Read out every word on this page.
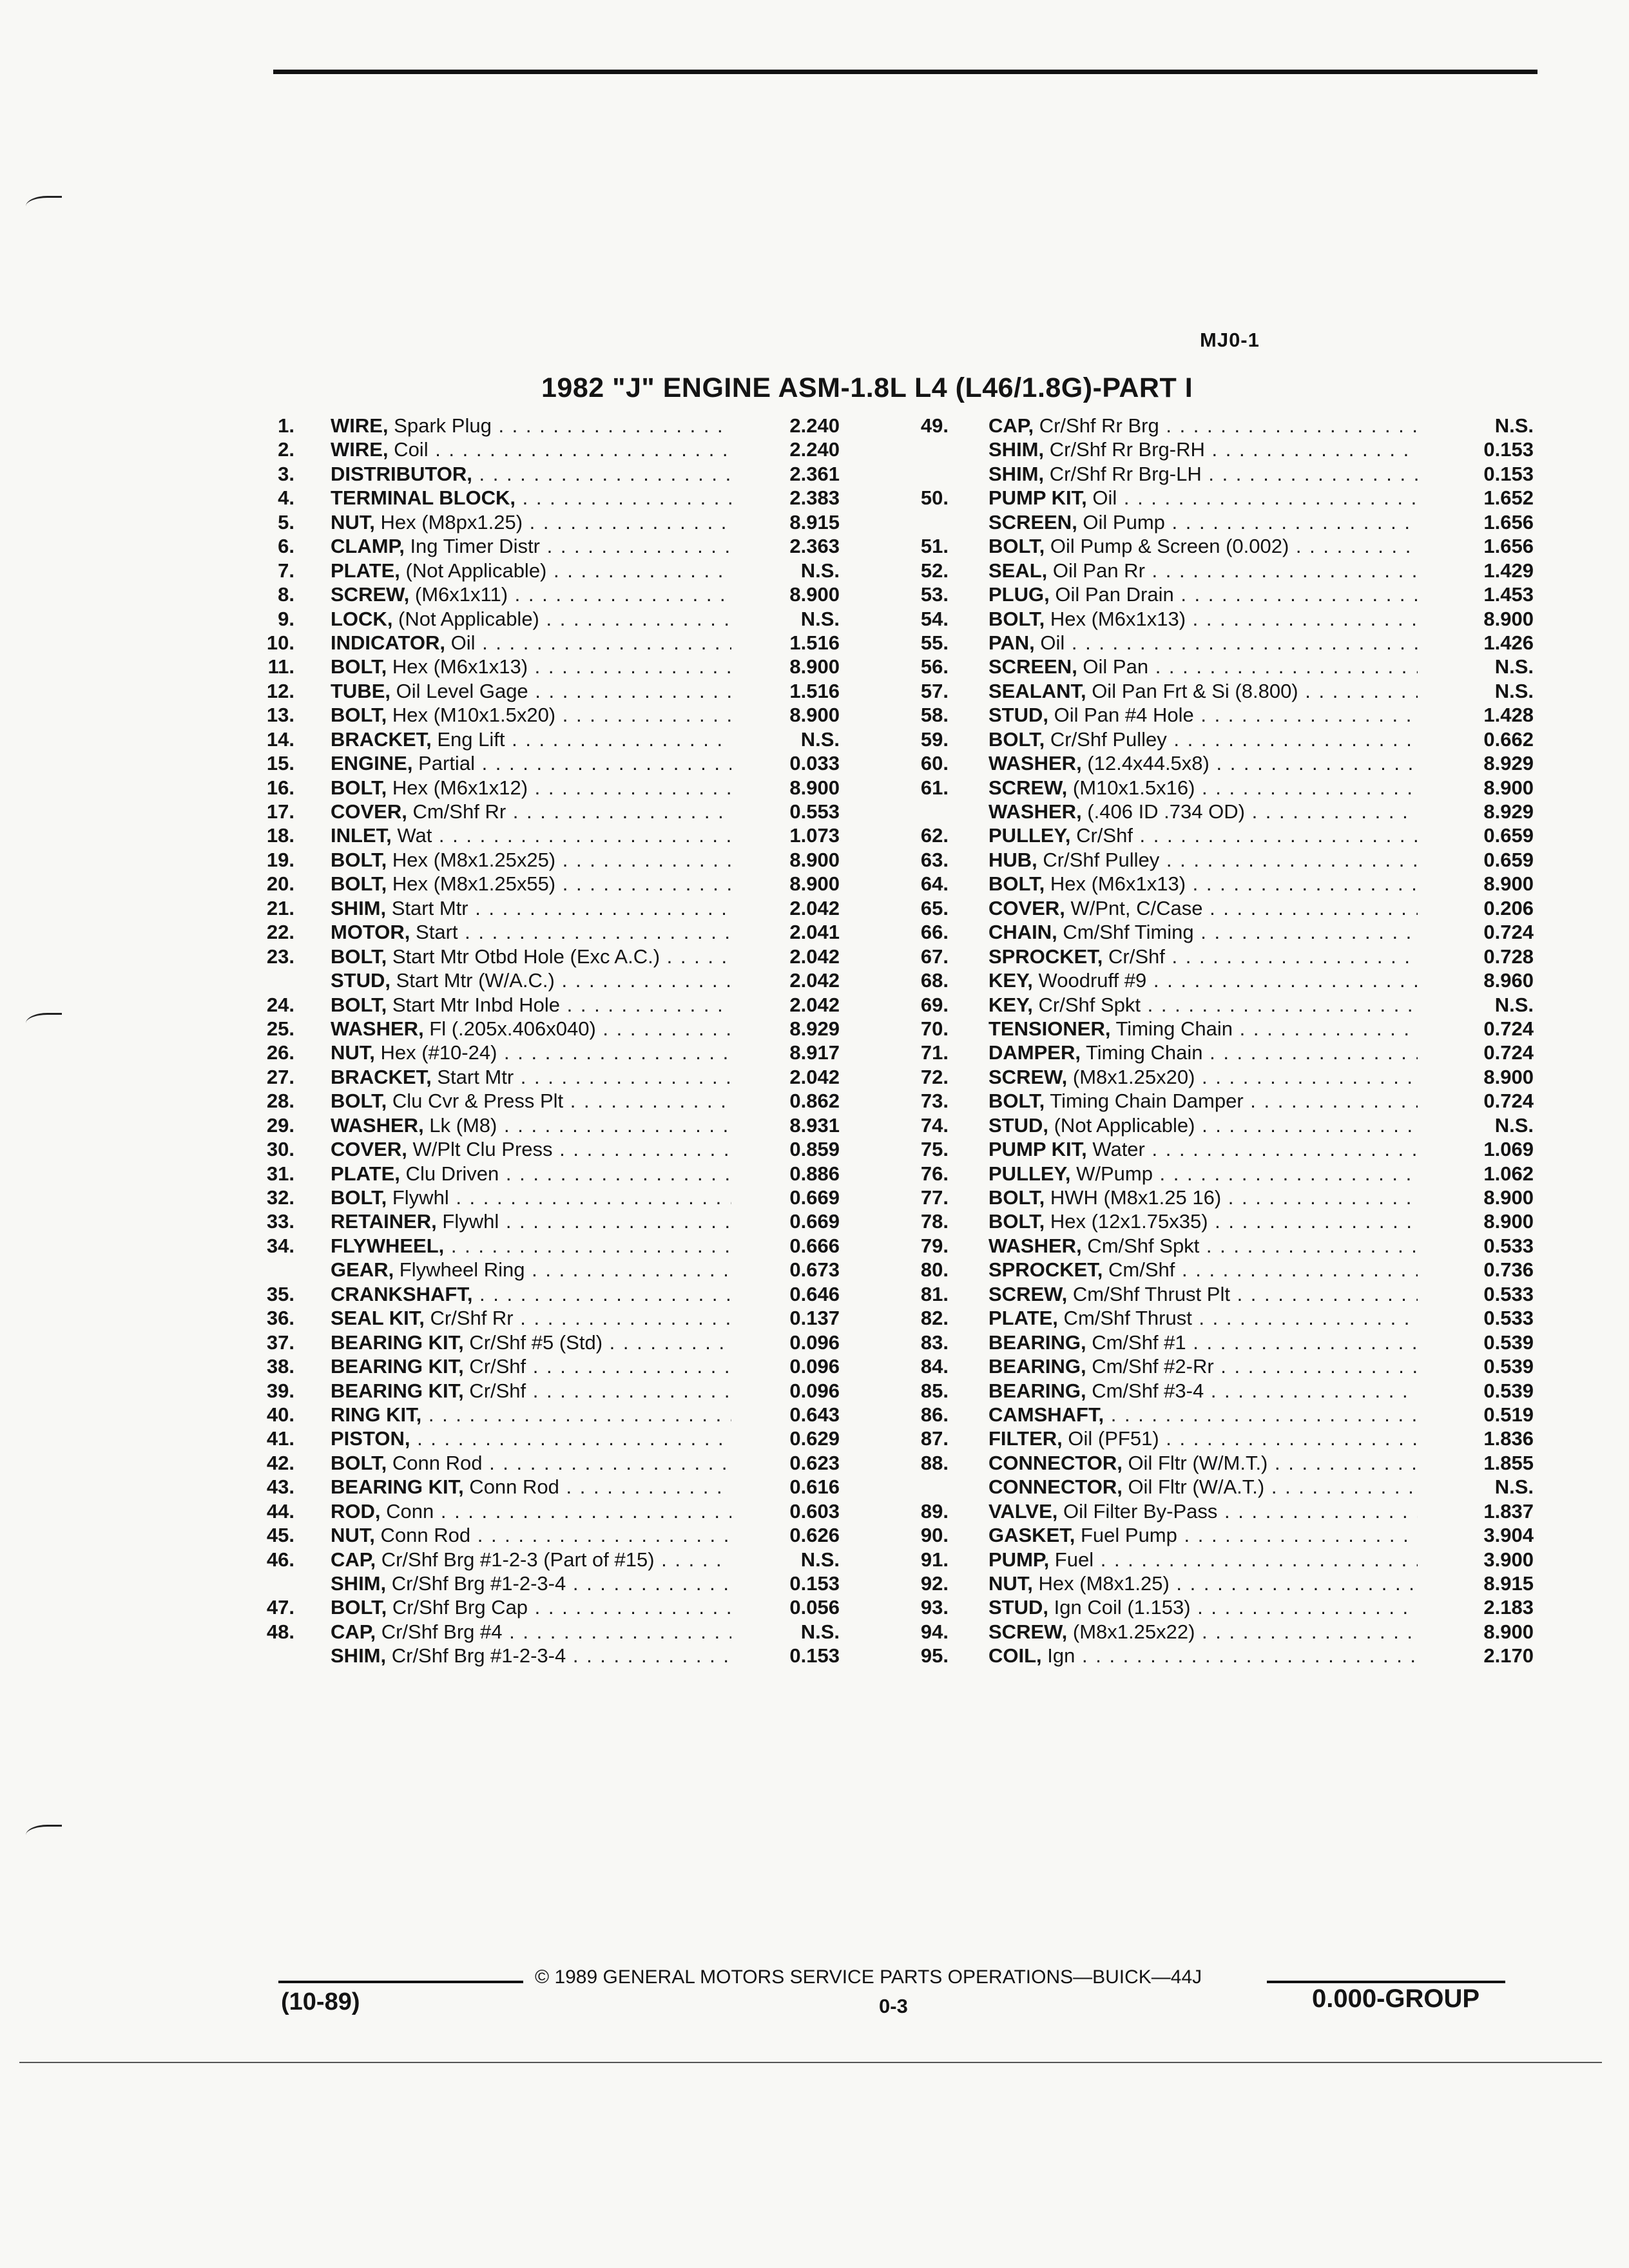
MJ0-1
1982 "J" ENGINE ASM-1.8L L4 (L46/1.8G)-PART I
1. WIRE, Spark Plug . . .	2.240
2. WIRE, Coil . . .	2.240
3. DISTRIBUTOR, . . .	2.361
4. TERMINAL BLOCK, . . .	2.383
5. NUT, Hex (M8px1.25) . . .	8.915
6. CLAMP, Ing Timer Distr . . .	2.363
7. PLATE, (Not Applicable) . . .	N.S.
8. SCREW, (M6x1x11) . . .	8.900
9. LOCK, (Not Applicable) . . .	N.S.
10. INDICATOR, Oil . . .	1.516
11. BOLT, Hex (M6x1x13) . . .	8.900
12. TUBE, Oil Level Gage . . .	1.516
13. BOLT, Hex (M10x1.5x20) . . .	8.900
14. BRACKET, Eng Lift . . .	N.S.
15. ENGINE, Partial . . .	0.033
16. BOLT, Hex (M6x1x12) . . .	8.900
17. COVER, Cm/Shf Rr . . .	0.553
18. INLET, Wat . . .	1.073
19. BOLT, Hex (M8x1.25x25) . . .	8.900
20. BOLT, Hex (M8x1.25x55) . . .	8.900
21. SHIM, Start Mtr . . .	2.042
22. MOTOR, Start . . .	2.041
23. BOLT, Start Mtr Otbd Hole (Exc A.C.) . . .	2.042
STUD, Start Mtr (W/A.C.) . . .	2.042
24. BOLT, Start Mtr Inbd Hole . . .	2.042
25. WASHER, Fl (.205x.406x040) . . .	8.929
26. NUT, Hex (#10-24) . . .	8.917
27. BRACKET, Start Mtr . . .	2.042
28. BOLT, Clu Cvr & Press Plt . . .	0.862
29. WASHER, Lk (M8) . . .	8.931
30. COVER, W/Plt Clu Press . . .	0.859
31. PLATE, Clu Driven . . .	0.886
32. BOLT, Flywhl . . .	0.669
33. RETAINER, Flywhl . . .	0.669
34. FLYWHEEL, . . .	0.666
GEAR, Flywheel Ring . . .	0.673
35. CRANKSHAFT, . . .	0.646
36. SEAL KIT, Cr/Shf Rr . . .	0.137
37. BEARING KIT, Cr/Shf #5 (Std) . . .	0.096
38. BEARING KIT, Cr/Shf . . .	0.096
39. BEARING KIT, Cr/Shf . . .	0.096
40. RING KIT, . . .	0.643
41. PISTON, . . .	0.629
42. BOLT, Conn Rod . . .	0.623
43. BEARING KIT, Conn Rod . . .	0.616
44. ROD, Conn . . .	0.603
45. NUT, Conn Rod . . .	0.626
46. CAP, Cr/Shf Brg #1-2-3 (Part of #15) . . .	N.S.
SHIM, Cr/Shf Brg #1-2-3-4 . . .	0.153
47. BOLT, Cr/Shf Brg Cap . . .	0.056
48. CAP, Cr/Shf Brg #4 . . .	N.S.
SHIM, Cr/Shf Brg #1-2-3-4 . . .	0.153
49. CAP, Cr/Shf Rr Brg . . .	N.S.
SHIM, Cr/Shf Rr Brg-RH . . .	0.153
SHIM, Cr/Shf Rr Brg-LH . . .	0.153
50. PUMP KIT, Oil . . .	1.652
SCREEN, Oil Pump . . .	1.656
51. BOLT, Oil Pump & Screen (0.002) . . .	1.656
52. SEAL, Oil Pan Rr . . .	1.429
53. PLUG, Oil Pan Drain . . .	1.453
54. BOLT, Hex (M6x1x13) . . .	8.900
55. PAN, Oil . . .	1.426
56. SCREEN, Oil Pan . . .	N.S.
57. SEALANT, Oil Pan Frt & Si (8.800) . . .	N.S.
58. STUD, Oil Pan #4 Hole . . .	1.428
59. BOLT, Cr/Shf Pulley . . .	0.662
60. WASHER, (12.4x44.5x8) . . .	8.929
61. SCREW, (M10x1.5x16) . . .	8.900
WASHER, (.406 ID .734 OD) . . .	8.929
62. PULLEY, Cr/Shf . . .	0.659
63. HUB, Cr/Shf Pulley . . .	0.659
64. BOLT, Hex (M6x1x13) . . .	8.900
65. COVER, W/Pnt, C/Case . . .	0.206
66. CHAIN, Cm/Shf Timing . . .	0.724
67. SPROCKET, Cr/Shf . . .	0.728
68. KEY, Woodruff #9 . . .	8.960
69. KEY, Cr/Shf Spkt . . .	N.S.
70. TENSIONER, Timing Chain . . .	0.724
71. DAMPER, Timing Chain . . .	0.724
72. SCREW, (M8x1.25x20) . . .	8.900
73. BOLT, Timing Chain Damper . . .	0.724
74. STUD, (Not Applicable) . . .	N.S.
75. PUMP KIT, Water . . .	1.069
76. PULLEY, W/Pump . . .	1.062
77. BOLT, HWH (M8x1.25 16) . . .	8.900
78. BOLT, Hex (12x1.75x35) . . .	8.900
79. WASHER, Cm/Shf Spkt . . .	0.533
80. SPROCKET, Cm/Shf . . .	0.736
81. SCREW, Cm/Shf Thrust Plt . . .	0.533
82. PLATE, Cm/Shf Thrust . . .	0.533
83. BEARING, Cm/Shf #1 . . .	0.539
84. BEARING, Cm/Shf #2-Rr . . .	0.539
85. BEARING, Cm/Shf #3-4 . . .	0.539
86. CAMSHAFT, . . .	0.519
87. FILTER, Oil (PF51) . . .	1.836
88. CONNECTOR, Oil Fltr (W/M.T.) . . .	1.855
CONNECTOR, Oil Fltr (W/A.T.) . . .	N.S.
89. VALVE, Oil Filter By-Pass . . .	1.837
90. GASKET, Fuel Pump . . .	3.904
91. PUMP, Fuel . . .	3.900
92. NUT, Hex (M8x1.25) . . .	8.915
93. STUD, Ign Coil (1.153) . . .	2.183
94. SCREW, (M8x1.25x22) . . .	8.900
95. COIL, Ign . . .	2.170
© 1989 GENERAL MOTORS SERVICE PARTS OPERATIONS—BUICK—44J
0-3
(10-89)	0.000-GROUP
